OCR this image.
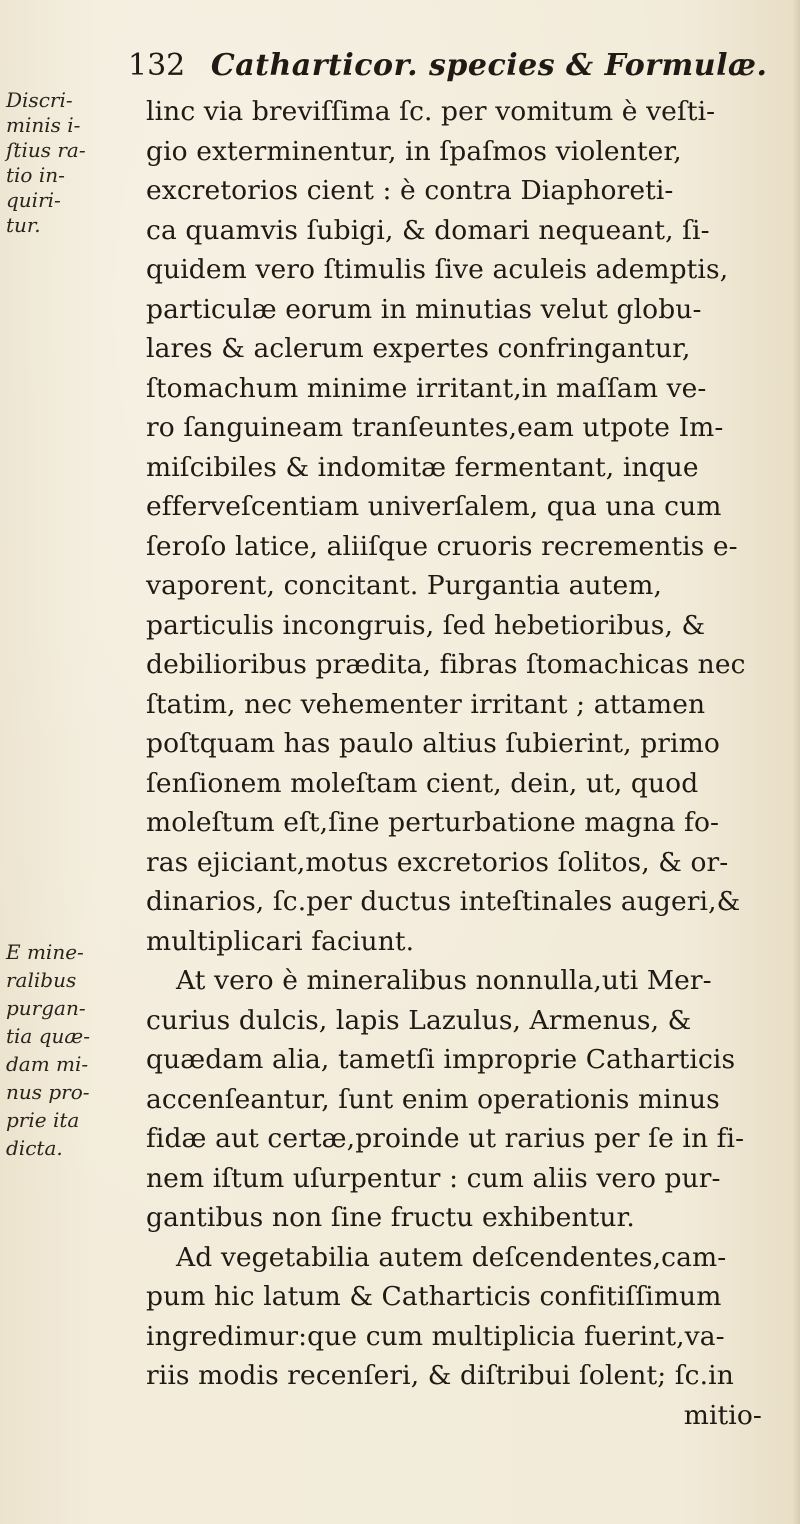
132 Catharticor. species & Formulæ.
Discri-
minis i-
ſtius ra-
tio in-
quiri-
tur.
E mine-
ralibus
purgan-
tia quæ-
dam mi-
nus pro-
prie ita
dicta.
linc via breviſſima ſc. per vomitum è veſti-
gio exterminentur, in ſpaſmos violenter,
excretorios cient : è contra Diaphoreti-
ca quamvis ſubigi, & domari nequeant, ſi-
quidem vero ſtimulis ſive aculeis ademptis,
particulæ eorum in minutias velut globu-
lares & aclerum expertes confringantur,
ſtomachum minime irritant,in maſſam ve-
ro ſanguineam tranſeuntes,eam utpote Im-
miſcibiles & indomitæ fermentant, inque
efferveſcentiam univerſalem, qua una cum
ſeroſo latice, aliiſque cruoris recrementis e-
vaporent, concitant. Purgantia autem,
particulis incongruis, ſed hebetioribus, &
debilioribus prædita, fibras ſtomachicas nec
ſtatim, nec vehementer irritant ; attamen
poſtquam has paulo altius ſubierint, primo
ſenſionem moleſtam cient, dein, ut, quod
moleſtum eſt,ſine perturbatione magna fo-
ras ejiciant,motus excretorios ſolitos, & or-
dinarios, ſc.per ductus inteſtinales augeri,&
multiplicari faciunt.
At vero è mineralibus nonnulla,uti Mer-
curius dulcis, lapis Lazulus, Armenus, &
quædam alia, tametſi improprie Catharticis
accenſeantur, ſunt enim operationis minus
fidæ aut certæ,proinde ut rarius per ſe in fi-
nem iſtum uſurpentur : cum aliis vero pur-
gantibus non ſine fructu exhibentur.
Ad vegetabilia autem deſcendentes,cam-
pum hic latum & Catharticis confitiſſimum
ingredimur:que cum multiplicia fuerint,va-
riis modis recenſeri, & diſtribui ſolent; ſc.in
mitio-
